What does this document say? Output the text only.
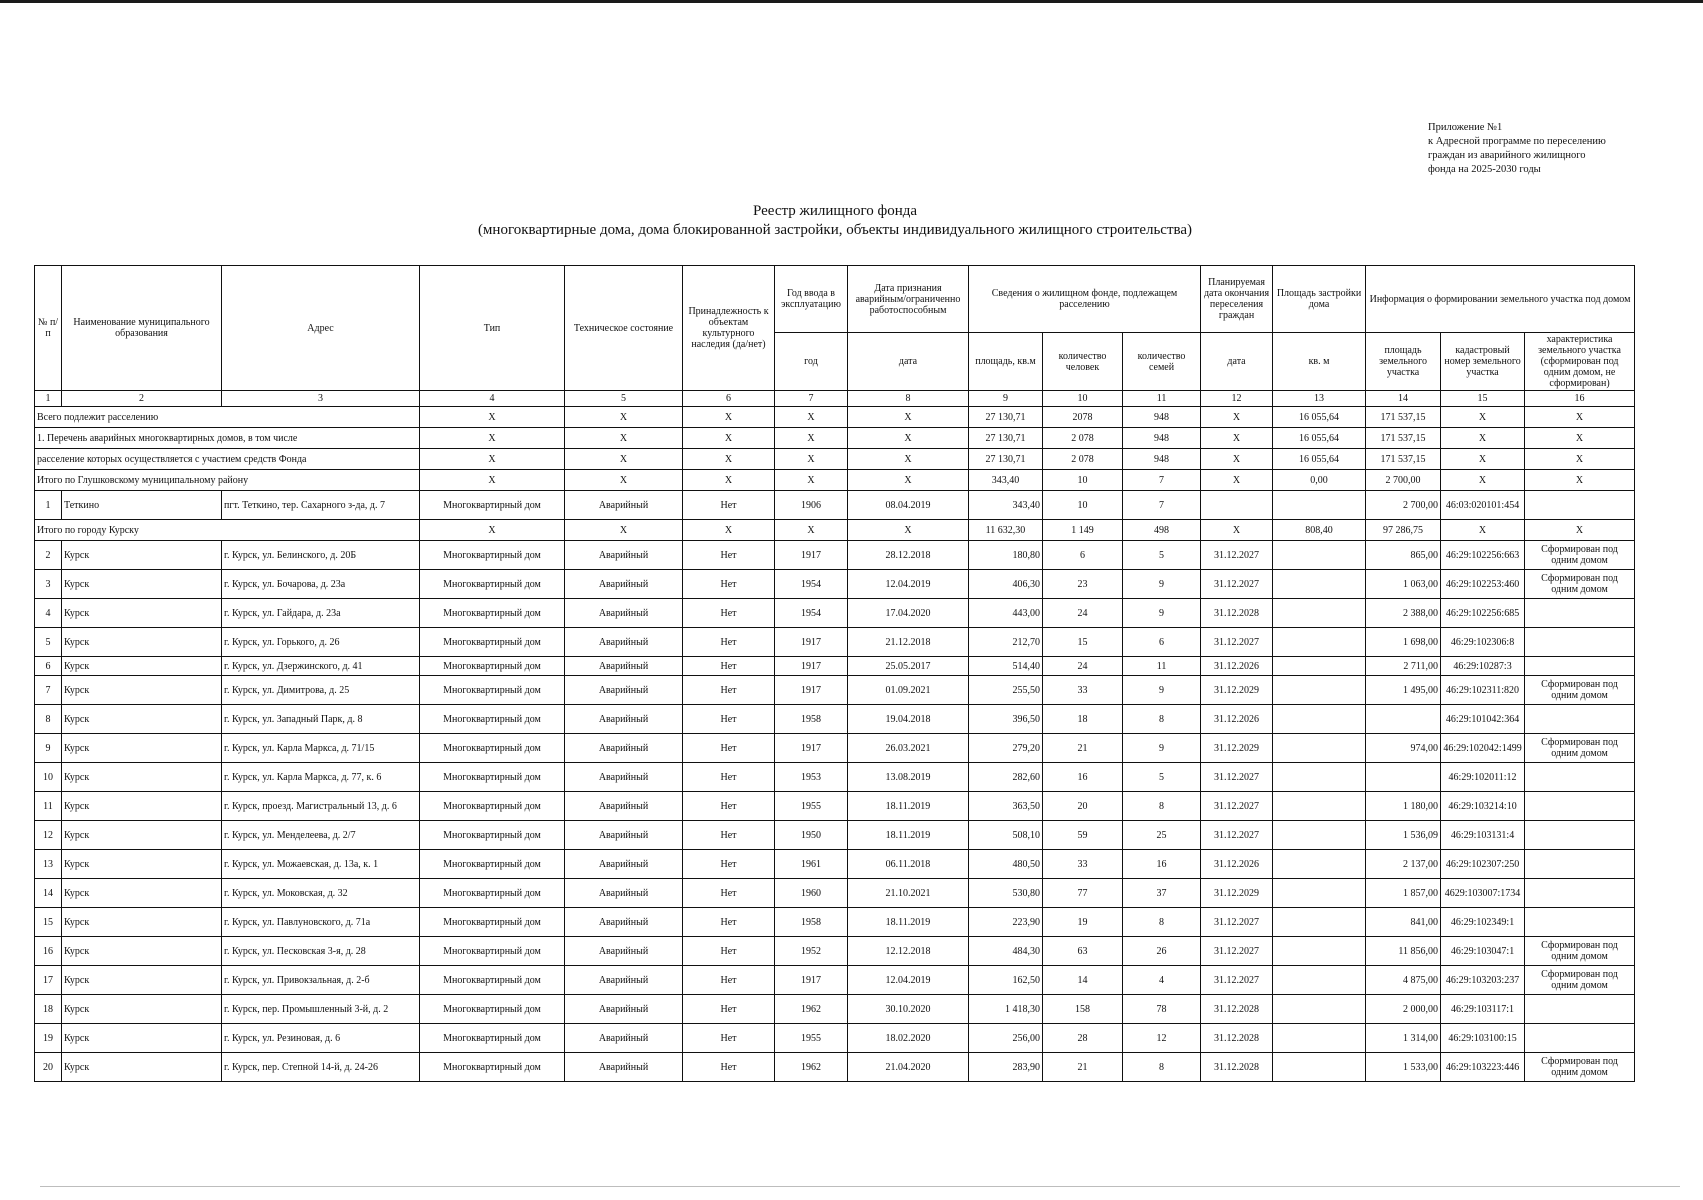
Приложение №1
к Адресной программе по переселению
граждан из аварийного жилищного
фонда на 2025-2030 годы
Реестр жилищного фонда
(многоквартирные дома, дома блокированной застройки, объекты индивидуального жилищного строительства)
№ п/п	Наименование муниципального образования	Адрес	Тип	Техническое состояние	Принадлежность к объектам культурного наследия (да/нет)	Год ввода в эксплуатацию	Дата признания аварийным/ограниченно работоспособным	Сведения о жилищном фонде, подлежащем расселению			Планируемая дата окончания переселения граждан	Площадь застройки дома	Информация о формировании земельного участка под домом		
						год	дата	площадь, кв.м	количество человек	количество семей	дата	кв. м	площадь земельного участка	кадастровый номер земельного участка	характеристика земельного участка (сформирован под одним домом, не сформирован)
1	2	3	4	5	6	7	8	9	10	11	12	13	14	15	16
Всего подлежит расселению			X	X	X	X	X	27 130,71	2078	948	X	16 055,64	171 537,15	X	X
1. Перечень аварийных многоквартирных домов, в том числе			X	X	X	X	X	27 130,71	2 078	948	X	16 055,64	171 537,15	X	X
расселение которых осуществляется с участием средств Фонда			X	X	X	X	X	27 130,71	2 078	948	X	16 055,64	171 537,15	X	X
Итого по Глушковскому муниципальному району			X	X	X	X	X	343,40	10	7	X	0,00	2 700,00	X	X
1	Теткино	пгт. Теткино, тер. Сахарного з-да, д. 7	Многоквартирный дом	Аварийный	Нет	1906	08.04.2019	343,40	10	7			2 700,00	46:03:020101:454	
Итого по городу Курску			X	X	X	X	X	11 632,30	1 149	498	X	808,40	97 286,75	X	X
2	Курск	г. Курск, ул. Белинского, д. 20Б	Многоквартирный дом	Аварийный	Нет	1917	28.12.2018	180,80	6	5	31.12.2027		865,00	46:29:102256:663	Сформирован под одним домом
3	Курск	г. Курск, ул. Бочарова, д. 23а	Многоквартирный дом	Аварийный	Нет	1954	12.04.2019	406,30	23	9	31.12.2027		1 063,00	46:29:102253:460	Сформирован под одним домом
4	Курск	г. Курск, ул. Гайдара, д. 23а	Многоквартирный дом	Аварийный	Нет	1954	17.04.2020	443,00	24	9	31.12.2028		2 388,00	46:29:102256:685	
5	Курск	г. Курск, ул. Горького, д. 26	Многоквартирный дом	Аварийный	Нет	1917	21.12.2018	212,70	15	6	31.12.2027		1 698,00	46:29:102306:8	
6	Курск	г. Курск, ул. Дзержинского, д. 41	Многоквартирный дом	Аварийный	Нет	1917	25.05.2017	514,40	24	11	31.12.2026		2 711,00	46:29:10287:3	
7	Курск	г. Курск, ул. Димитрова, д. 25	Многоквартирный дом	Аварийный	Нет	1917	01.09.2021	255,50	33	9	31.12.2029		1 495,00	46:29:102311:820	Сформирован под одним домом
8	Курск	г. Курск, ул. Западный Парк, д. 8	Многоквартирный дом	Аварийный	Нет	1958	19.04.2018	396,50	18	8	31.12.2026			46:29:101042:364	
9	Курск	г. Курск, ул. Карла Маркса, д. 71/15	Многоквартирный дом	Аварийный	Нет	1917	26.03.2021	279,20	21	9	31.12.2029		974,00	46:29:102042:1499	Сформирован под одним домом
10	Курск	г. Курск, ул. Карла Маркса, д. 77, к. 6	Многоквартирный дом	Аварийный	Нет	1953	13.08.2019	282,60	16	5	31.12.2027			46:29:102011:12	
11	Курск	г. Курск, проезд. Магистральный 13, д. 6	Многоквартирный дом	Аварийный	Нет	1955	18.11.2019	363,50	20	8	31.12.2027		1 180,00	46:29:103214:10	
12	Курск	г. Курск, ул. Менделеева, д. 2/7	Многоквартирный дом	Аварийный	Нет	1950	18.11.2019	508,10	59	25	31.12.2027		1 536,09	46:29:103131:4	
13	Курск	г. Курск, ул. Можаевская, д. 13а, к. 1	Многоквартирный дом	Аварийный	Нет	1961	06.11.2018	480,50	33	16	31.12.2026		2 137,00	46:29:102307:250	
14	Курск	г. Курск, ул. Моковская, д. 32	Многоквартирный дом	Аварийный	Нет	1960	21.10.2021	530,80	77	37	31.12.2029		1 857,00	4629:103007:1734	
15	Курск	г. Курск, ул. Павлуновского, д. 71а	Многоквартирный дом	Аварийный	Нет	1958	18.11.2019	223,90	19	8	31.12.2027		841,00	46:29:102349:1	
16	Курск	г. Курск, ул. Песковская 3-я, д. 28	Многоквартирный дом	Аварийный	Нет	1952	12.12.2018	484,30	63	26	31.12.2027		11 856,00	46:29:103047:1	Сформирован под одним домом
17	Курск	г. Курск, ул. Привокзальная, д. 2-б	Многоквартирный дом	Аварийный	Нет	1917	12.04.2019	162,50	14	4	31.12.2027		4 875,00	46:29:103203:237	Сформирован под одним домом
18	Курск	г. Курск, пер. Промышленный 3-й, д. 2	Многоквартирный дом	Аварийный	Нет	1962	30.10.2020	1 418,30	158	78	31.12.2028		2 000,00	46:29:103117:1	
19	Курск	г. Курск, ул. Резиновая, д. 6	Многоквартирный дом	Аварийный	Нет	1955	18.02.2020	256,00	28	12	31.12.2028		1 314,00	46:29:103100:15	
20	Курск	г. Курск, пер. Степной 14-й, д. 24-26	Многоквартирный дом	Аварийный	Нет	1962	21.04.2020	283,90	21	8	31.12.2028		1 533,00	46:29:103223:446	Сформирован под одним домом
